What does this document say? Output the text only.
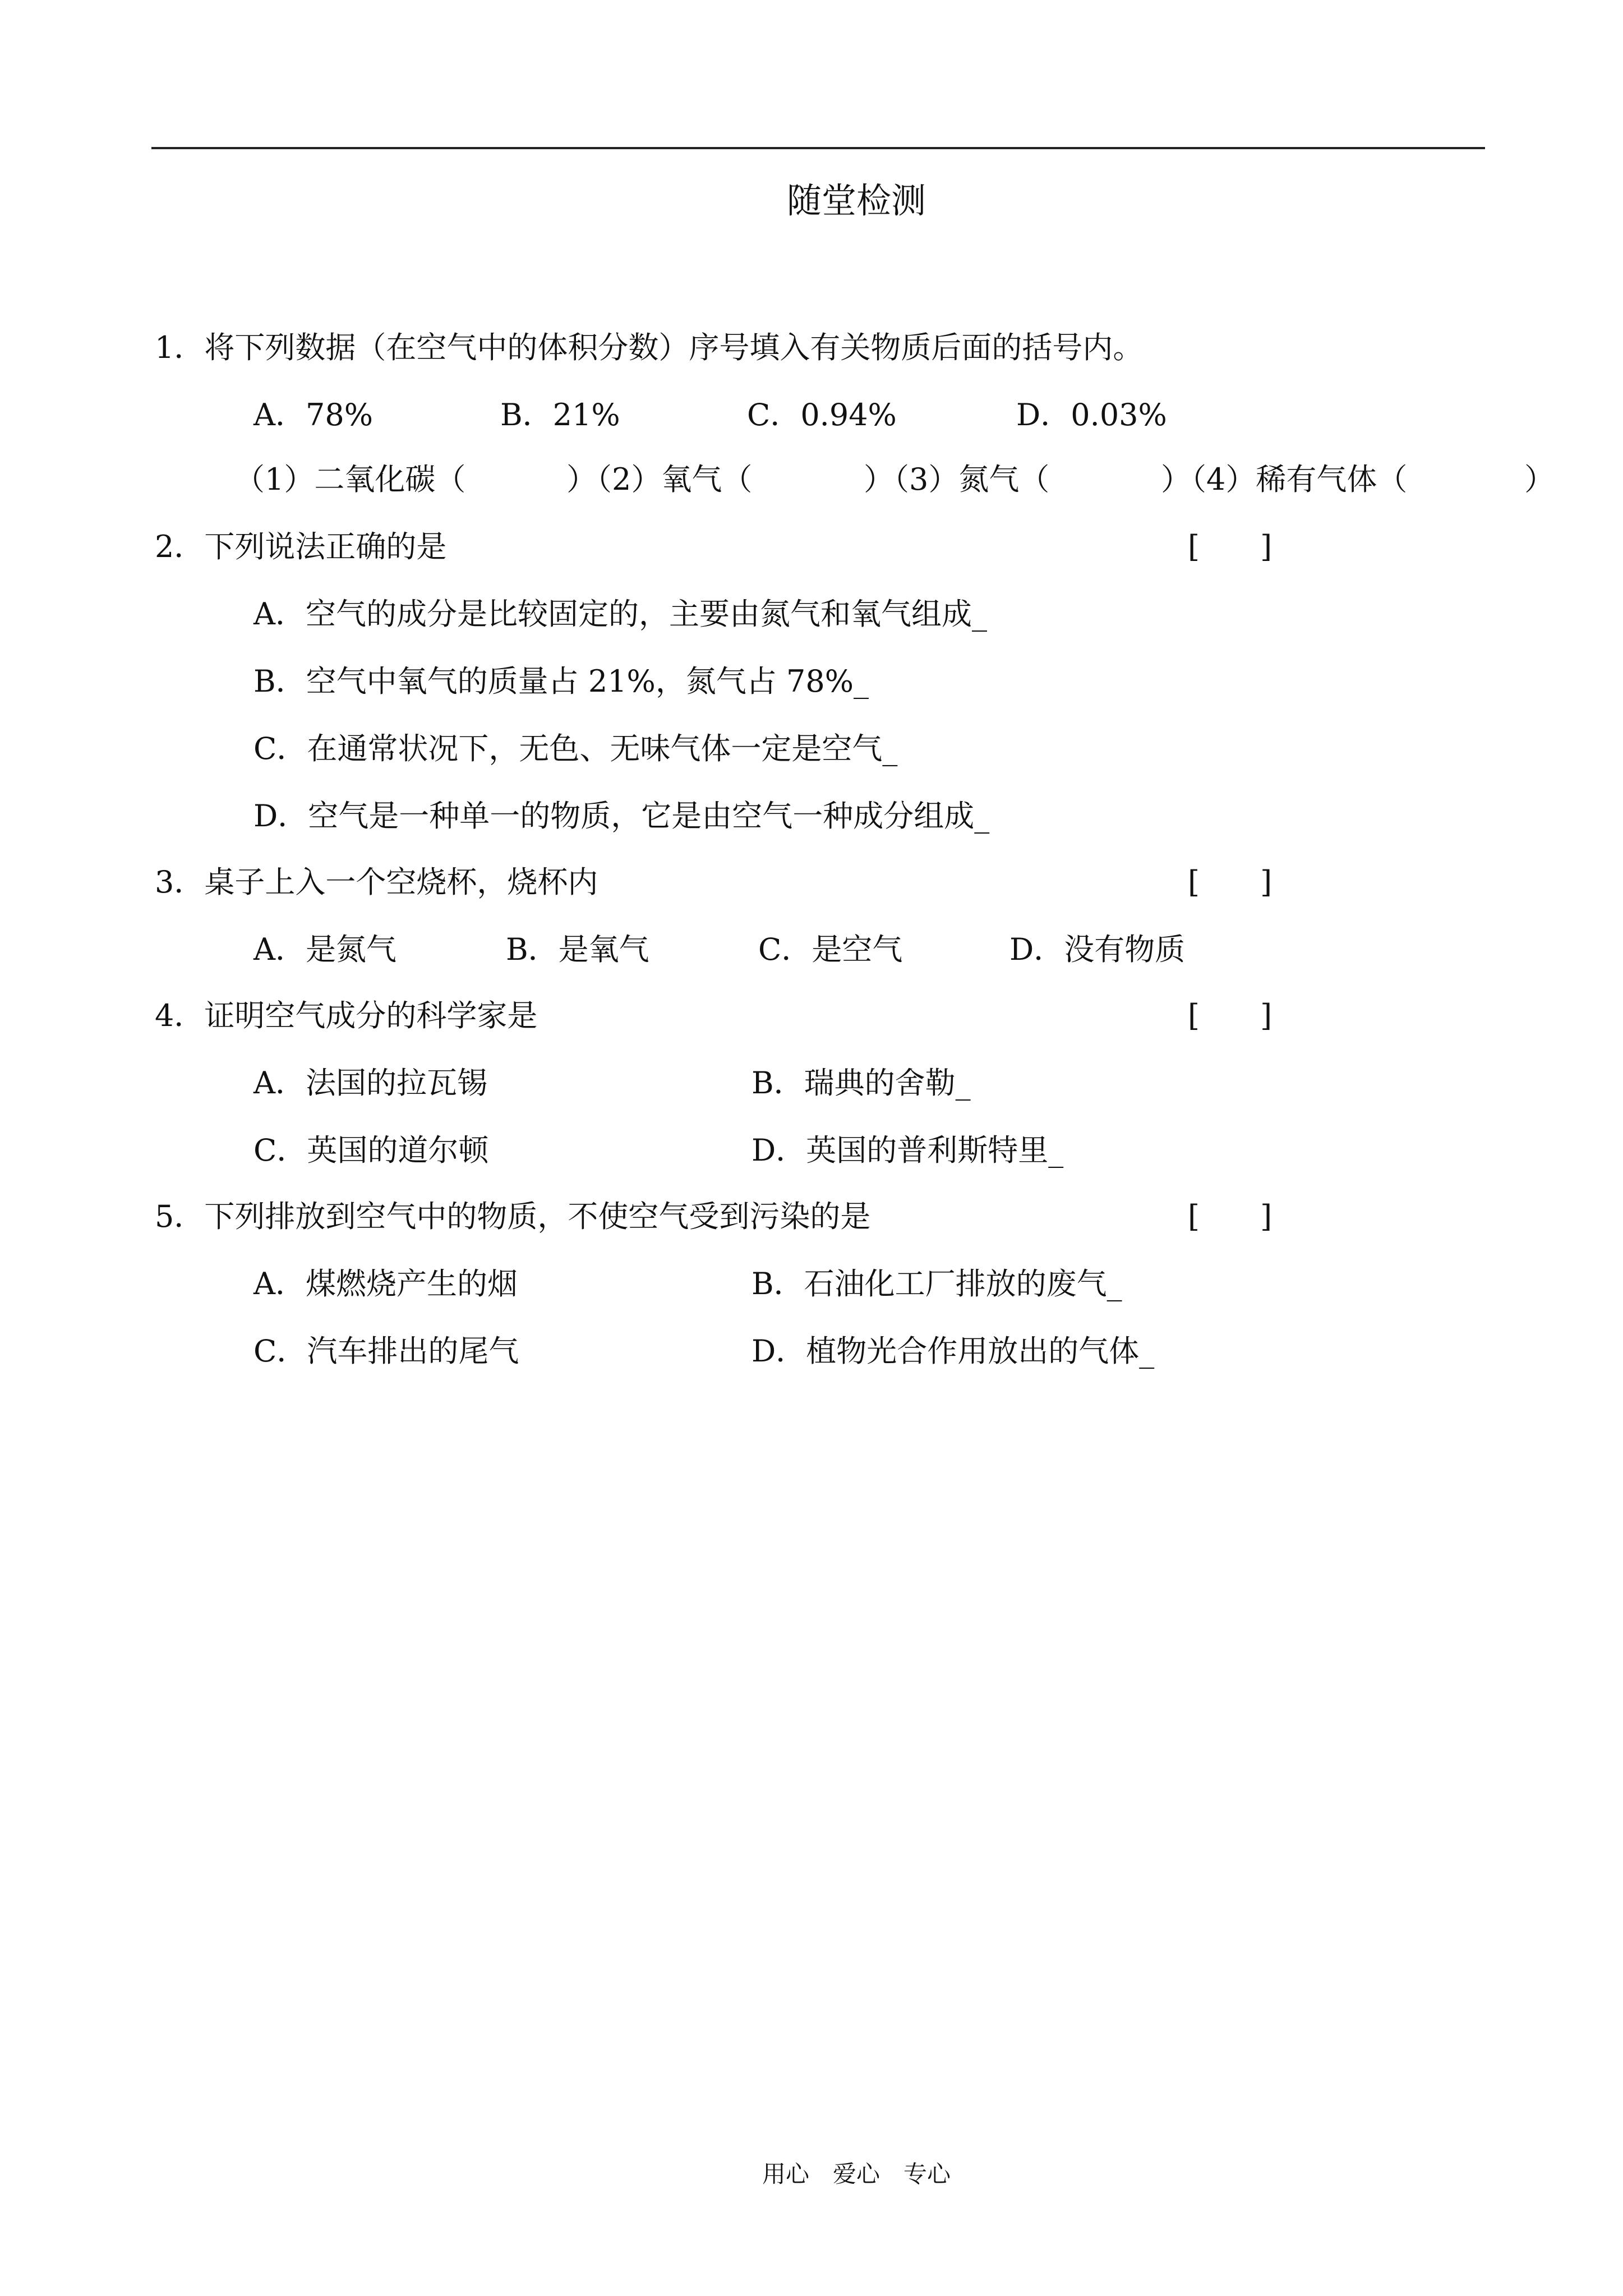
随堂检测
1．将下列数据（在空气中的体积分数）序号填入有关物质后面的括号内。
A．78%	B．21%	C．0.94%	D．0.03%
（1）二氧化碳（	）（2）氧气（	）（3）氮气（	）（4）稀有气体（	）
2．下列说法正确的是	[　　]
A．空气的成分是比较固定的，主要由氮气和氧气组成_
B．空气中氧气的质量占 21%，氮气占 78%_
C．在通常状况下，无色、无味气体一定是空气_
D．空气是一种单一的物质，它是由空气一种成分组成_
3．桌子上入一个空烧杯，烧杯内	[　　]
A．是氮气	B．是氧气	C．是空气	D．没有物质
4．证明空气成分的科学家是	[　　]
A．法国的拉瓦锡	B．瑞典的舍勒_
C．英国的道尔顿	D．英国的普利斯特里_
5．下列排放到空气中的物质，不使空气受到污染的是	[　　]
A．煤燃烧产生的烟	B．石油化工厂排放的废气_
C．汽车排出的尾气	D．植物光合作用放出的气体_
用心　爱心　专心
